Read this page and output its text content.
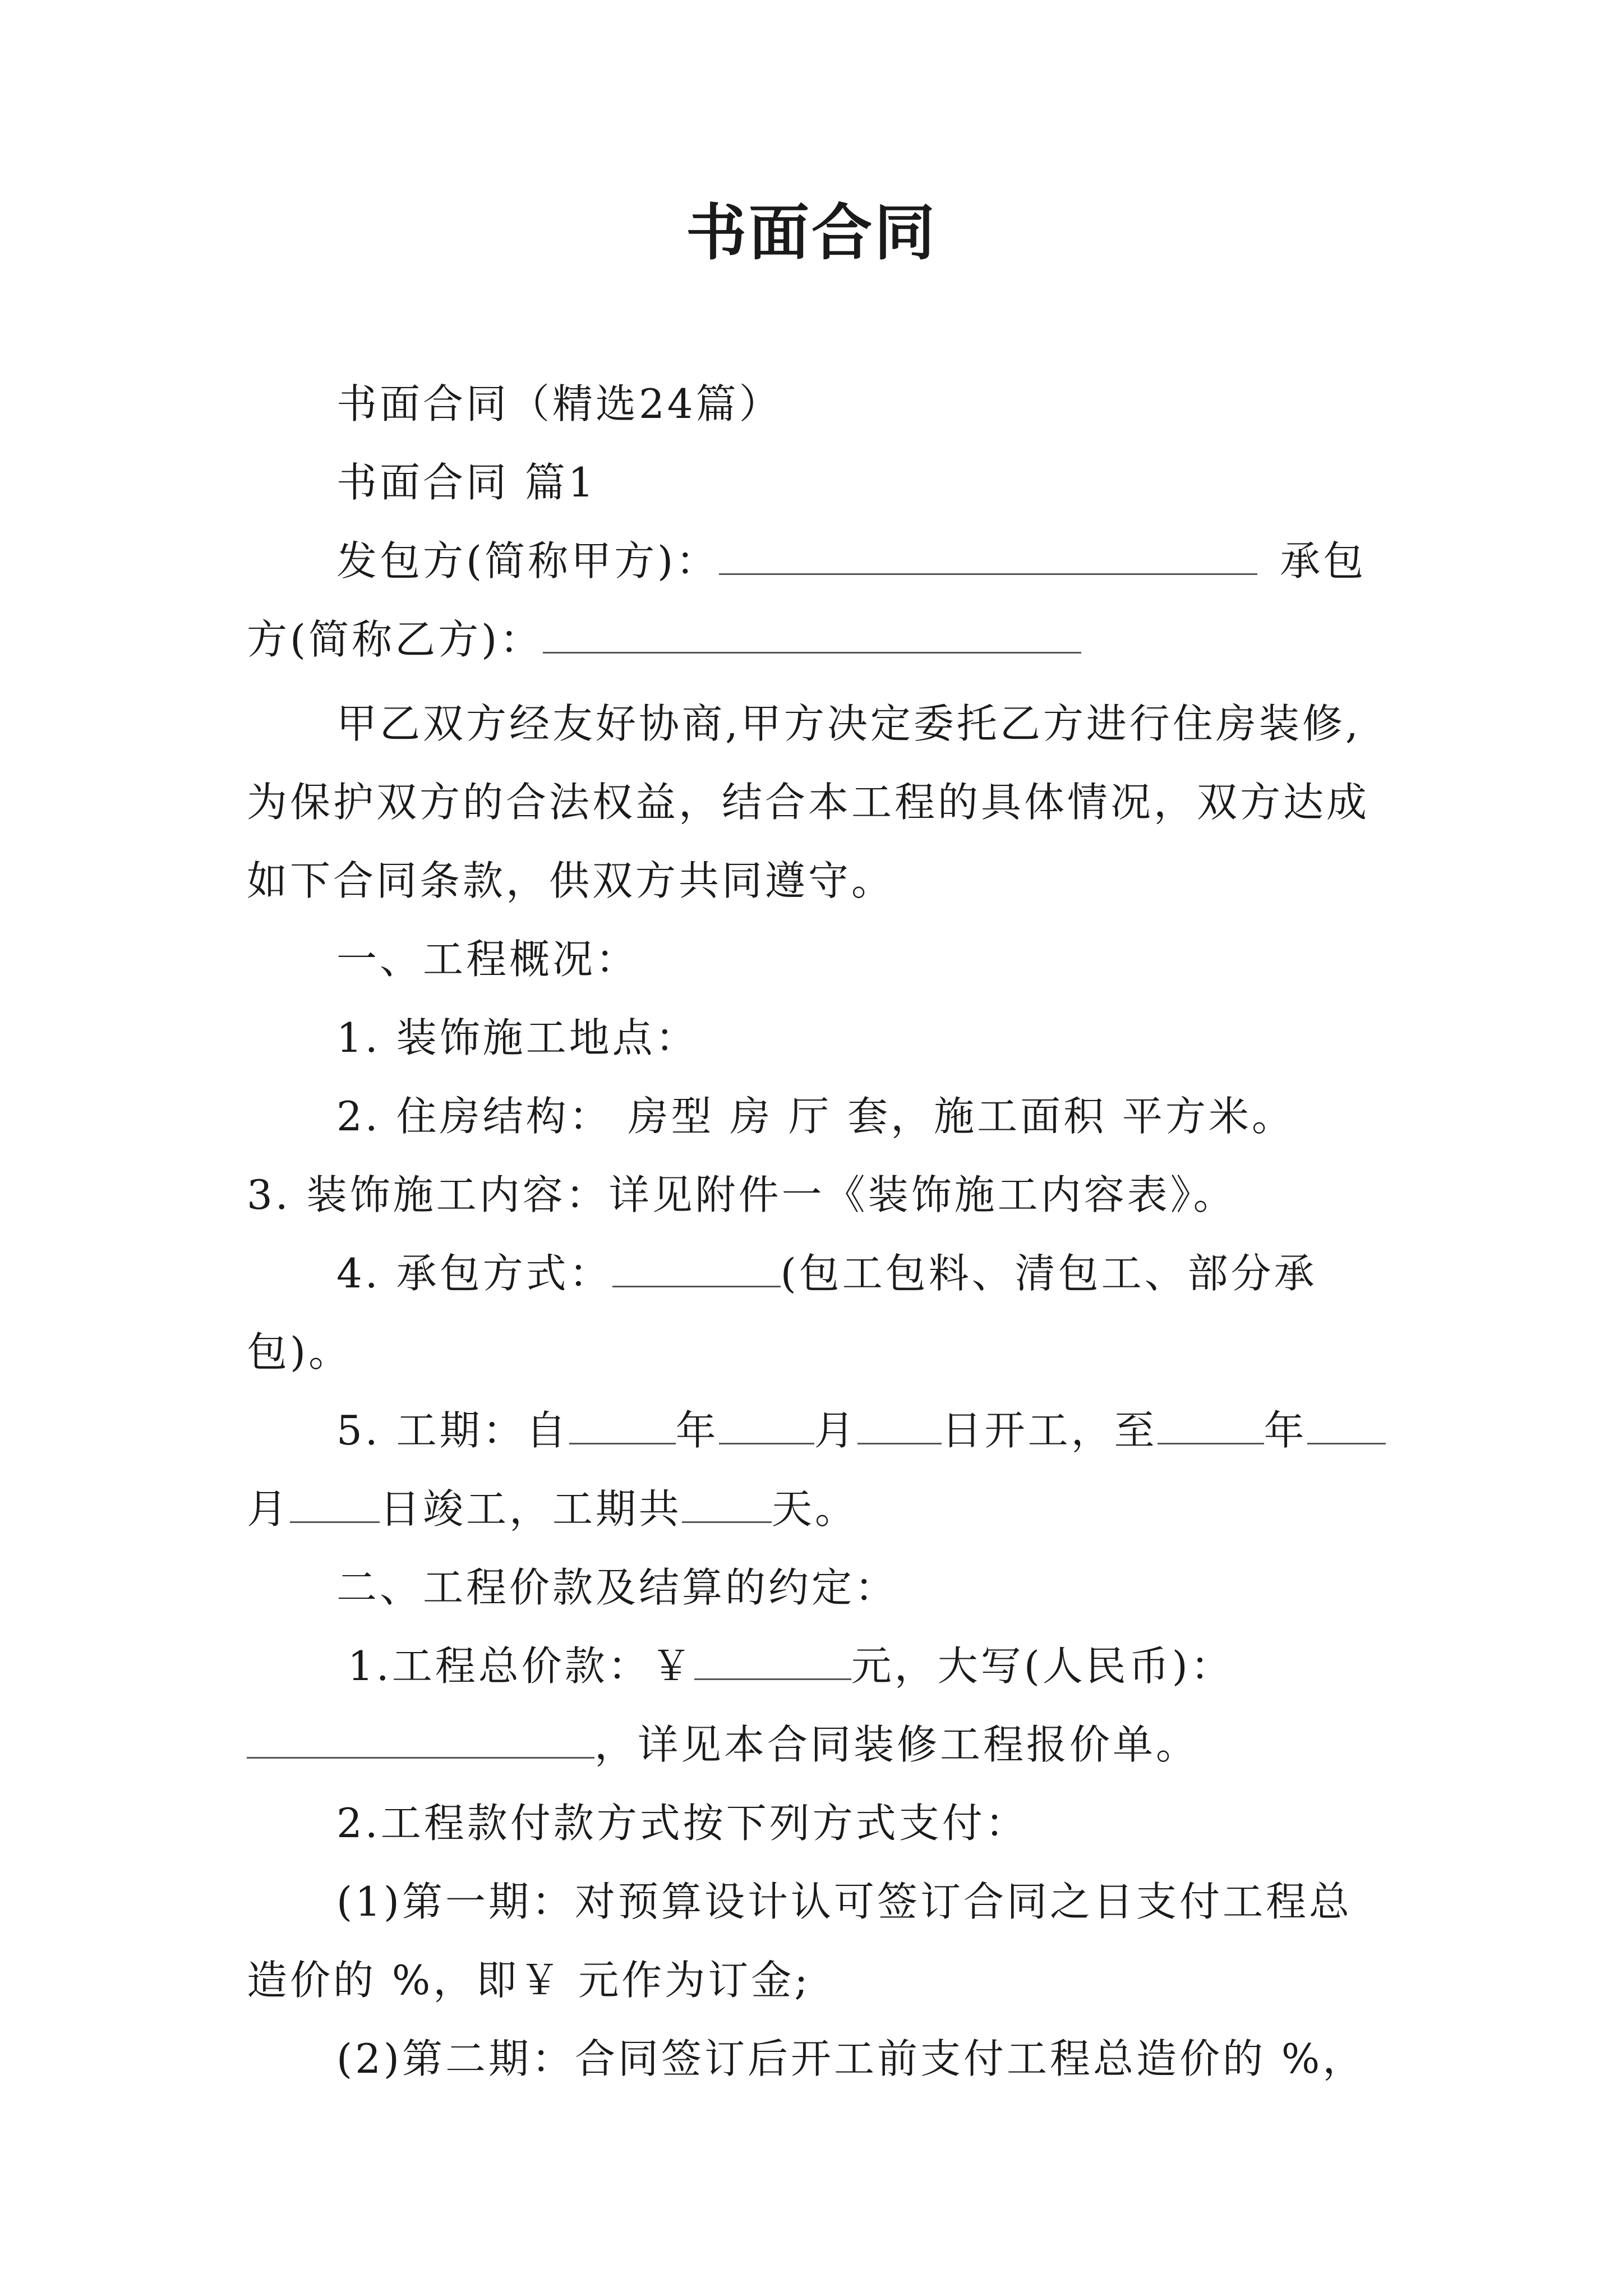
书面合同
书面合同（精选24篇）
书面合同 篇1
发包方(简称甲方)：	承包
方(简称乙方)：
甲乙双方经友好协商,甲方决定委托乙方进行住房装修,
为保护双方的合法权益，结合本工程的具体情况，双方达成
如下合同条款，供双方共同遵守。
一、工程概况：
1. 装饰施工地点：
2. 住房结构： 房型 房 厅 套，施工面积 平方米。
3. 装饰施工内容：详见附件一《装饰施工内容表》。
4. 承包方式：	(包工包料、清包工、部分承
包)。
5. 工期：自	年 月 日开工，至	年
月 日竣工，工期共 天。
二、工程价款及结算的约定：
1.工程总价款：￥	元，大写(人民币)：
，详见本合同装修工程报价单。
2.工程款付款方式按下列方式支付：
(1)第一期：对预算设计认可签订合同之日支付工程总
造价的 %，即￥ 元作为订金;
(2)第二期：合同签订后开工前支付工程总造价的 %，
